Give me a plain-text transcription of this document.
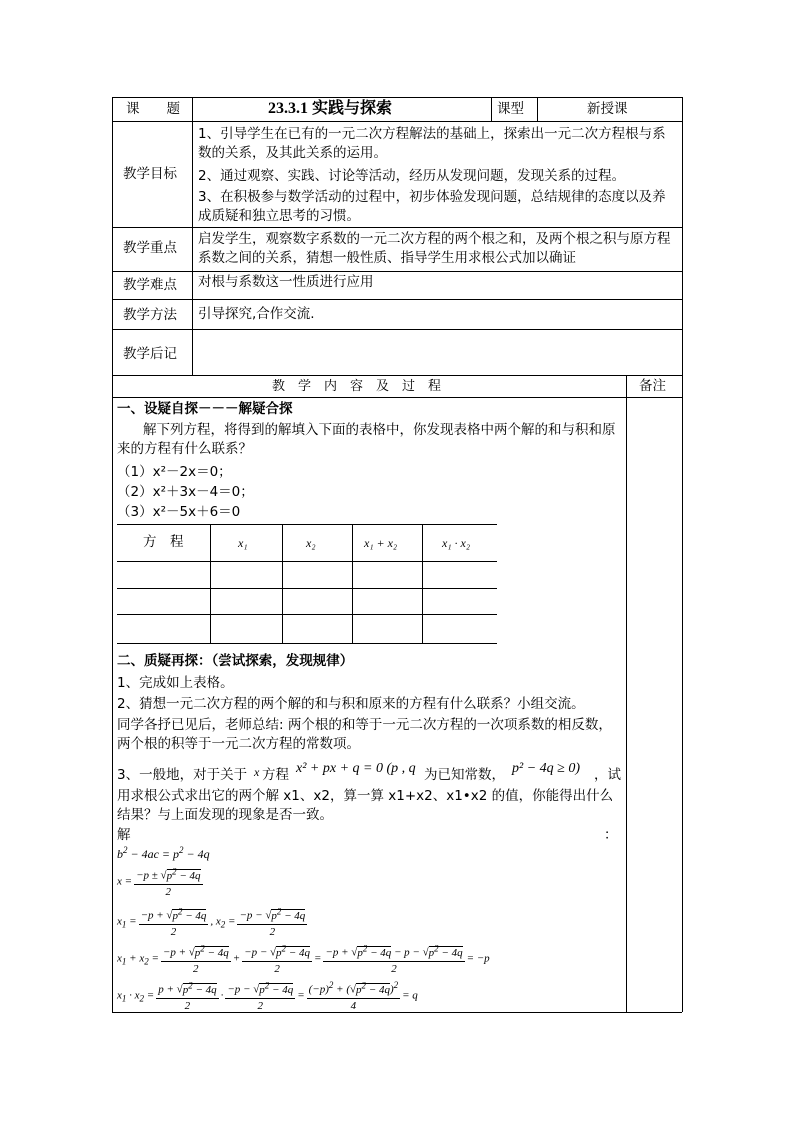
课　　题	23.3.1 实践与探索	课型	新授课
教学目标
1、引导学生在已有的一元二次方程解法的基础上，探索出一元二次方程根与系数的关系，及其此关系的运用。
2、通过观察、实践、讨论等活动，经历从发现问题，发现关系的过程。
3、在积极参与数学活动的过程中，初步体验发现问题，总结规律的态度以及养成质疑和独立思考的习惯。
教学重点
启发学生，观察数字系数的一元二次方程的两个根之和，及两个根之积与原方程系数之间的关系，猜想一般性质、指导学生用求根公式加以确证
教学难点 对根与系数这一性质进行应用
教学方法 引导探究,合作交流.
教学后记
教　学　内　容　及　过　程	备注
一、设疑自探－－－解疑合探
解下列方程，将得到的解填入下面的表格中，你发现表格中两个解的和与积和原来的方程有什么联系？
（1）x²－2x＝0；
（2）x²＋3x－4＝0；
（3）x²－5x＋6＝0
方　程	x₁	x₂	x₁ + x₂	x₁ · x₂
二、质疑再探：（尝试探索，发现规律）
1、完成如上表格。
2、猜想一元二次方程的两个解的和与积和原来的方程有什么联系？小组交流。
同学各抒已见后，老师总结: 两个根的和等于一元二次方程的一次项系数的相反数，两个根的积等于一元二次方程的常数项。
3、一般地，对于关于 x 方程 x² + px + q = 0 (p , q 为已知常数， p² − 4q ≥ 0) ，试
用求根公式求出它的两个解 x1、x2，算一算 x1+x2、x1•x2 的值，你能得出什么结果？与上面发现的现象是否一致。
解	：
$b^2 - 4ac = p^2 - 4q$
$x = \frac{-p \pm √p^2 - 4q}{2}$
$x_1 = \frac{-p + √p^2 - 4q}{2}$ , $x_2 = \frac{-p - √p^2 - 4q}{2}$
$x_1 + x_2 = \frac{-p + √p^2 - 4q}{2} + \frac{-p - √p^2 - 4q}{2} = \frac{-p + √p^2 - 4q - p - √p^2 - 4q}{2} = -p$
$x_1 \cdot x_2 = \frac{p + √p^2 - 4q}{2} \cdot \frac{-p - √p^2 - 4q}{2} = \frac{(-p)^2 + (√p^2 - 4q)^2}{4} = q$
